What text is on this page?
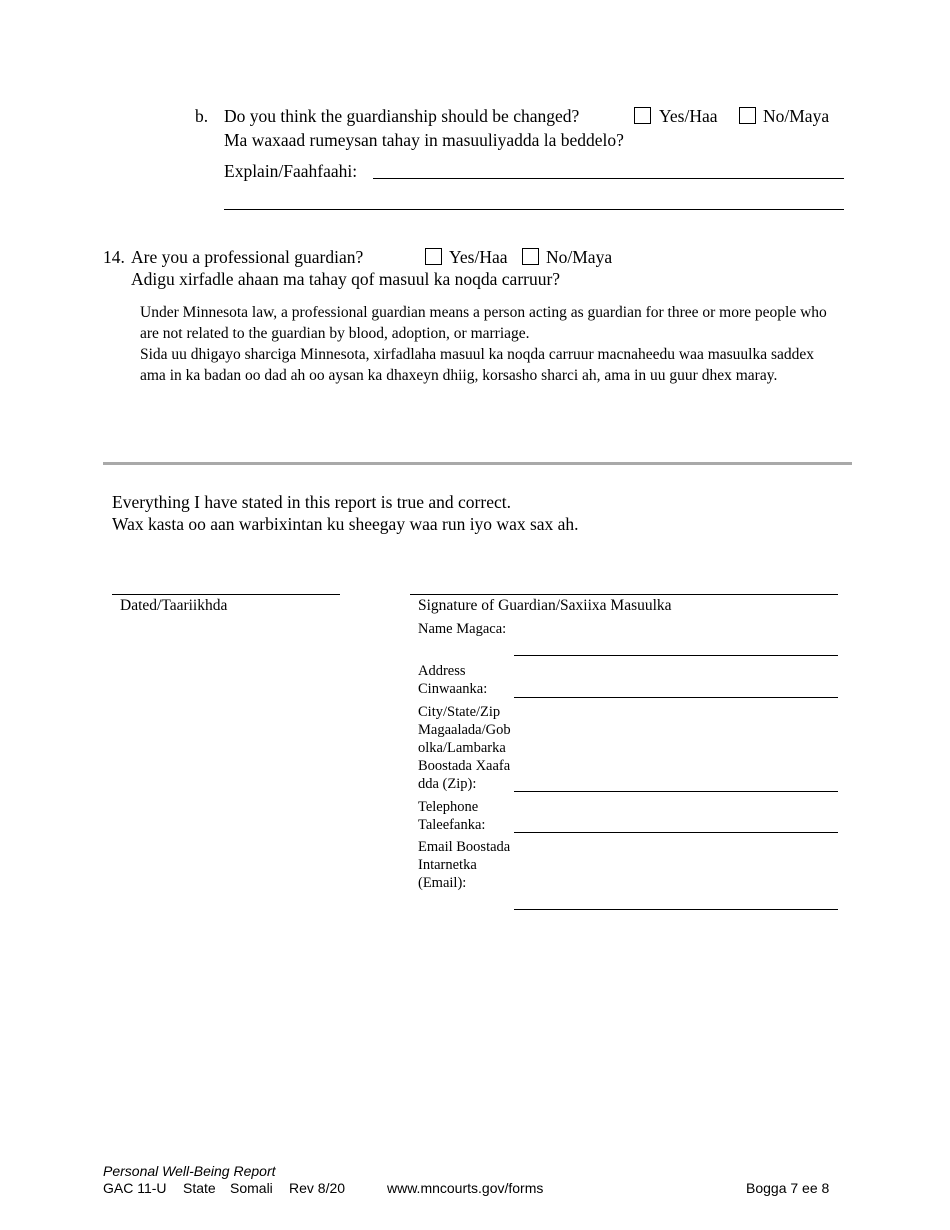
b. Do you think the guardianship should be changed?	Yes/Haa	No/Maya
Ma waxaad rumeysan tahay in masuuliyadda la beddelo?
Explain/Faahfaahi:
14. Are you a professional guardian?	Yes/Haa No/Maya
Adigu xirfadle ahaan ma tahay qof masuul ka noqda carruur?
Under Minnesota law, a professional guardian means a person acting as guardian for three or more people who are not related to the guardian by blood, adoption, or marriage.
Sida uu dhigayo sharciga Minnesota, xirfadlaha masuul ka noqda carruur macnaheedu waa masuulka saddex ama in ka badan oo dad ah oo aysan ka dhaxeyn dhiig, korsasho sharci ah, ama in uu guur dhex maray.
Everything I have stated in this report is true and correct.
Wax kasta oo aan warbixintan ku sheegay waa run iyo wax sax ah.
Dated/Taariikhda	Signature of Guardian/Saxiixa Masuulka
Name Magaca:
Address Cinwaanka:
City/State/Zip Magaalada/Gobolka/Lambarka Boostada Xaafadda (Zip):
Telephone Taleefanka:
Email Boostada Intarnetka (Email):
Personal Well-Being Report
GAC 11-U State Somali Rev 8/20	www.mncourts.gov/forms	Bogga 7 ee 8
